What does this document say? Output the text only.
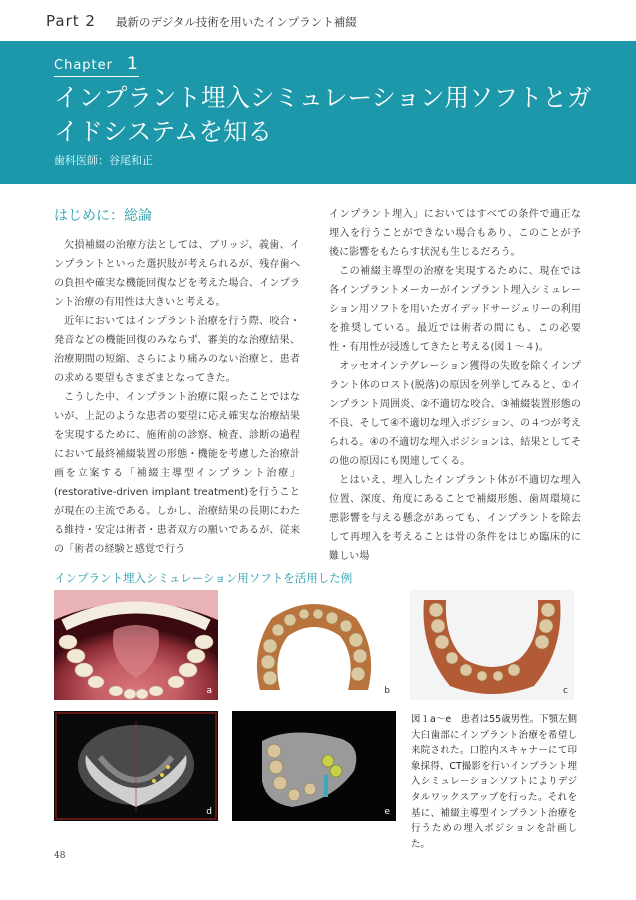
Part 2 最新のデジタル技術を用いたインプラント補綴
Chapter 1
インプラント埋入シミュレーション用ソフトとガイドシステムを知る
歯科医師：谷尾和正
はじめに：総論

欠損補綴の治療方法としては、ブリッジ、義歯、インプラントといった選択肢が考えられるが、残存歯への負担や確実な機能回復などを考えた場合、インプラント治療の有用性は大きいと考える。

近年においてはインプラント治療を行う際、咬合・発音などの機能回復のみならず、審美的な治療結果、治療期間の短縮、さらにより痛みのない治療と、患者の求める要望もさまざまとなってきた。

こうした中、インプラント治療に限ったことではないが、上記のような患者の要望に応え確実な治療結果を実現するために、施術前の診察、検査、診断の過程において最終補綴装置の形態・機能を考慮した治療計画を立案する「補綴主導型インプラント治療」(restorative-driven implant treatment)を行うことが現在の主流である。しかし、治療結果の長期にわたる維持・安定は術者・患者双方の願いであるが、従来の「術者の経験と感覚で行う

インプラント埋入」においてはすべての条件で適正な埋入を行うことができない場合もあり、このことが予後に影響をもたらす状況も生じるだろう。

この補綴主導型の治療を実現するために、現在では各インプラントメーカーがインプラント埋入シミュレーション用ソフトを用いたガイデッドサージェリーの利用を推奨している。最近では術者の間にも、この必要性・有用性が浸透してきたと考える(図１～４)。

オッセオインテグレーション獲得の失敗を除くインプラント体のロスト(脱落)の原因を列挙してみると、①インプラント周囲炎、②不適切な咬合、③補綴装置形態の不良、そして④不適切な埋入ポジション、の４つが考えられる。④の不適切な埋入ポジションは、結果としてその他の原因にも関連してくる。

とはいえ、埋入したインプラント体が不適切な埋入位置、深度、角度にあることで補綴形態、歯周環境に悪影響を与える懸念があっても、インプラントを除去して再埋入を考えることは骨の条件をはじめ臨床的に難しい場

インプラント埋入シミュレーション用ソフトを活用した例
a	b	c
d	e
図１a～e　患者は55歳男性。下顎左側大臼歯部にインプラント治療を希望し来院された。口腔内スキャナーにて印象採得、CT撮影を行いインプラント埋入シミュレーションソフトによりデジタルワックスアップを行った。それを基に、補綴主導型インプラント治療を行うための埋入ポジションを計画した。
48
